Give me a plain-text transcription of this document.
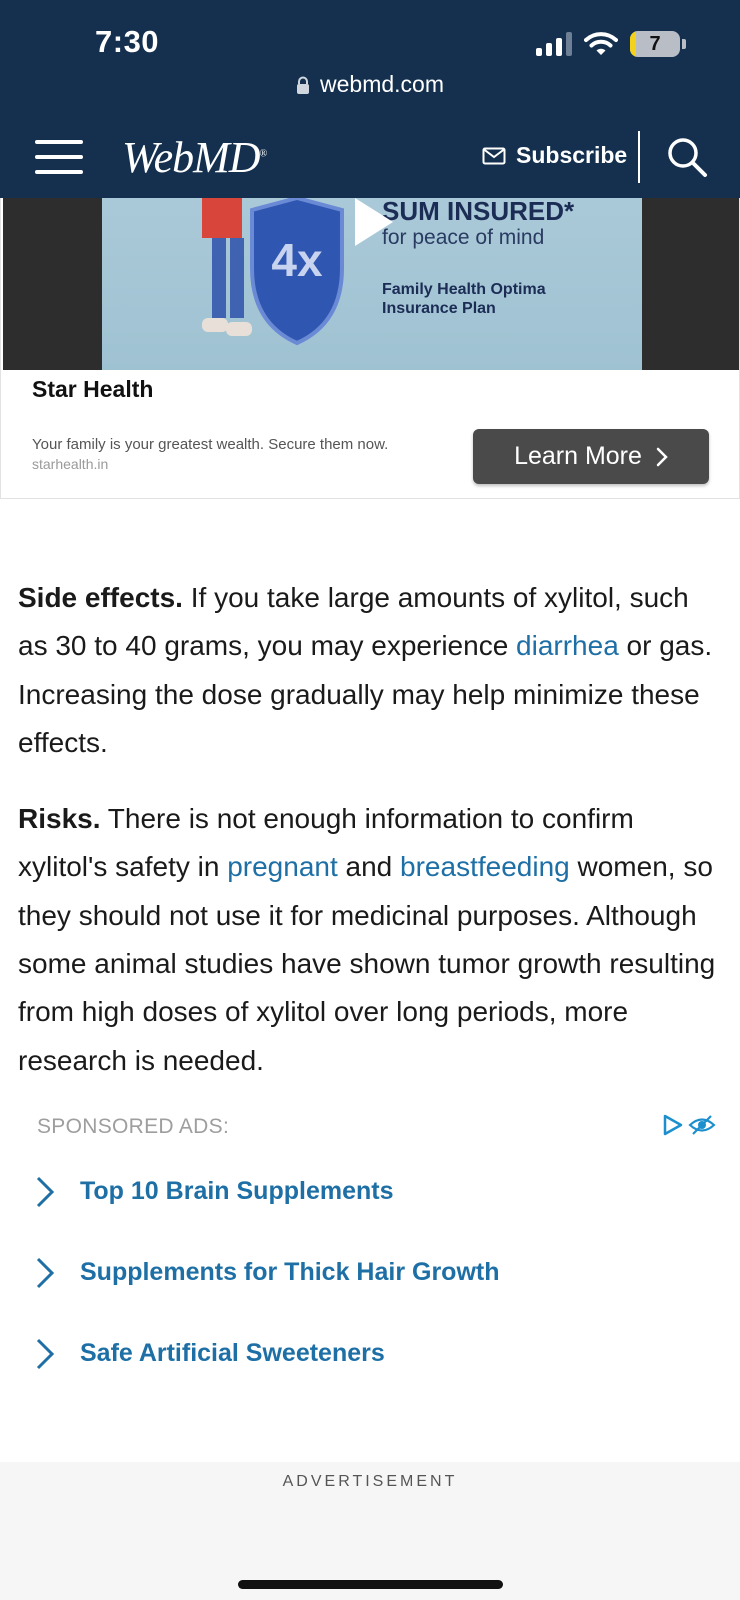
7:30	7
webmd.com
WebMD®	Subscribe
4x
SUM INSURED*
for peace of mind
Family Health Optima Insurance Plan
Star Health
Your family is your greatest wealth. Secure them now.
starhealth.in	Learn More

Side effects. If you take large amounts of xylitol, such as 30 to 40 grams, you may experience diarrhea or gas. Increasing the dose gradually may help minimize these effects.

Risks. There is not enough information to confirm xylitol's safety in pregnant and breastfeeding women, so they should not use it for medicinal purposes. Although some animal studies have shown tumor growth resulting from high doses of xylitol over long periods, more research is needed.

SPONSORED ADS:
Top 10 Brain Supplements
Supplements for Thick Hair Growth
Safe Artificial Sweeteners
ADVERTISEMENT
